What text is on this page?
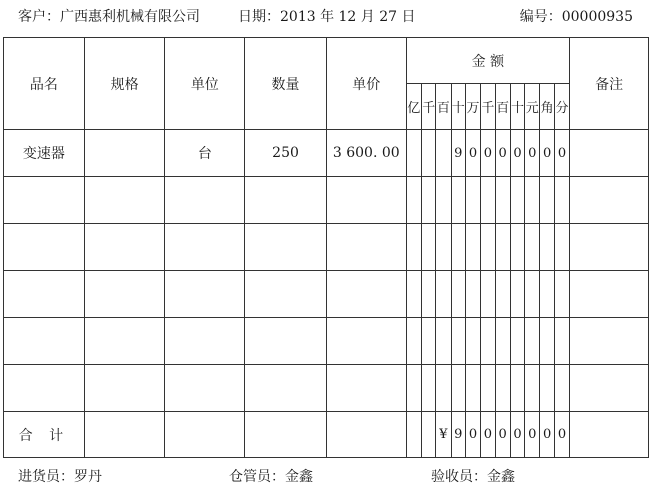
客户：广西惠利机械有限公司	日期：2013 年 12 月 27 日	编号：00000935
品名	规格	单位	数量	单价	金 额											备注
					亿	千	百	十	万	千	百	十	元	角	分	
变速器		台	250	3 600. 00				9	0	0	0	0	0	0	0	

合 计							¥	9	0	0	0	0	0	0	0	
进货员：罗丹	仓管员：金鑫	验收员：金鑫
